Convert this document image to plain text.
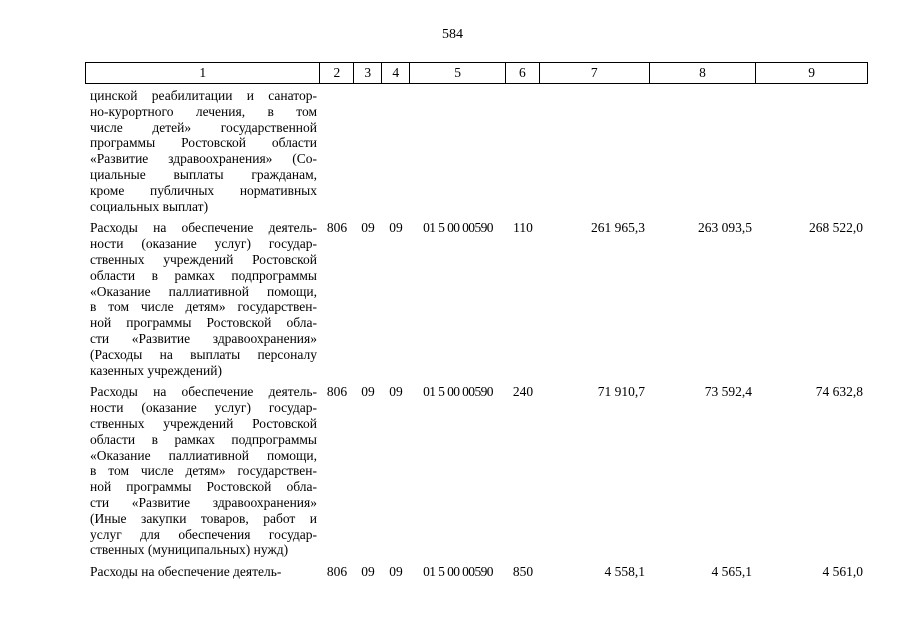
584
1	2	3	4	5	6	7	8	9
цинской реабилитации и санатор-
но-курортного лечения, в том
числе детей» государственной
программы Ростовской области
«Развитие здравоохранения» (Со-
циальные выплаты гражданам,
кроме публичных нормативных
социальных выплат)
Расходы на обеспечение деятель-
ности (оказание услуг) государ-
ственных учреждений Ростовской
области в рамках подпрограммы
«Оказание паллиативной помощи,
в том числе детям» государствен-
ной программы Ростовской обла-
сти «Развитие здравоохранения»
(Расходы на выплаты персоналу
казенных учреждений)
806	09	09	01 5 00 00590	110	261 965,3	263 093,5	268 522,0
Расходы на обеспечение деятель-
ности (оказание услуг) государ-
ственных учреждений Ростовской
области в рамках подпрограммы
«Оказание паллиативной помощи,
в том числе детям» государствен-
ной программы Ростовской обла-
сти «Развитие здравоохранения»
(Иные закупки товаров, работ и
услуг для обеспечения государ-
ственных (муниципальных) нужд)
806	09	09	01 5 00 00590	240	71 910,7	73 592,4	74 632,8
Расходы на обеспечение деятель-	806	09	09	01 5 00 00590	850	4 558,1	4 565,1	4 561,0
